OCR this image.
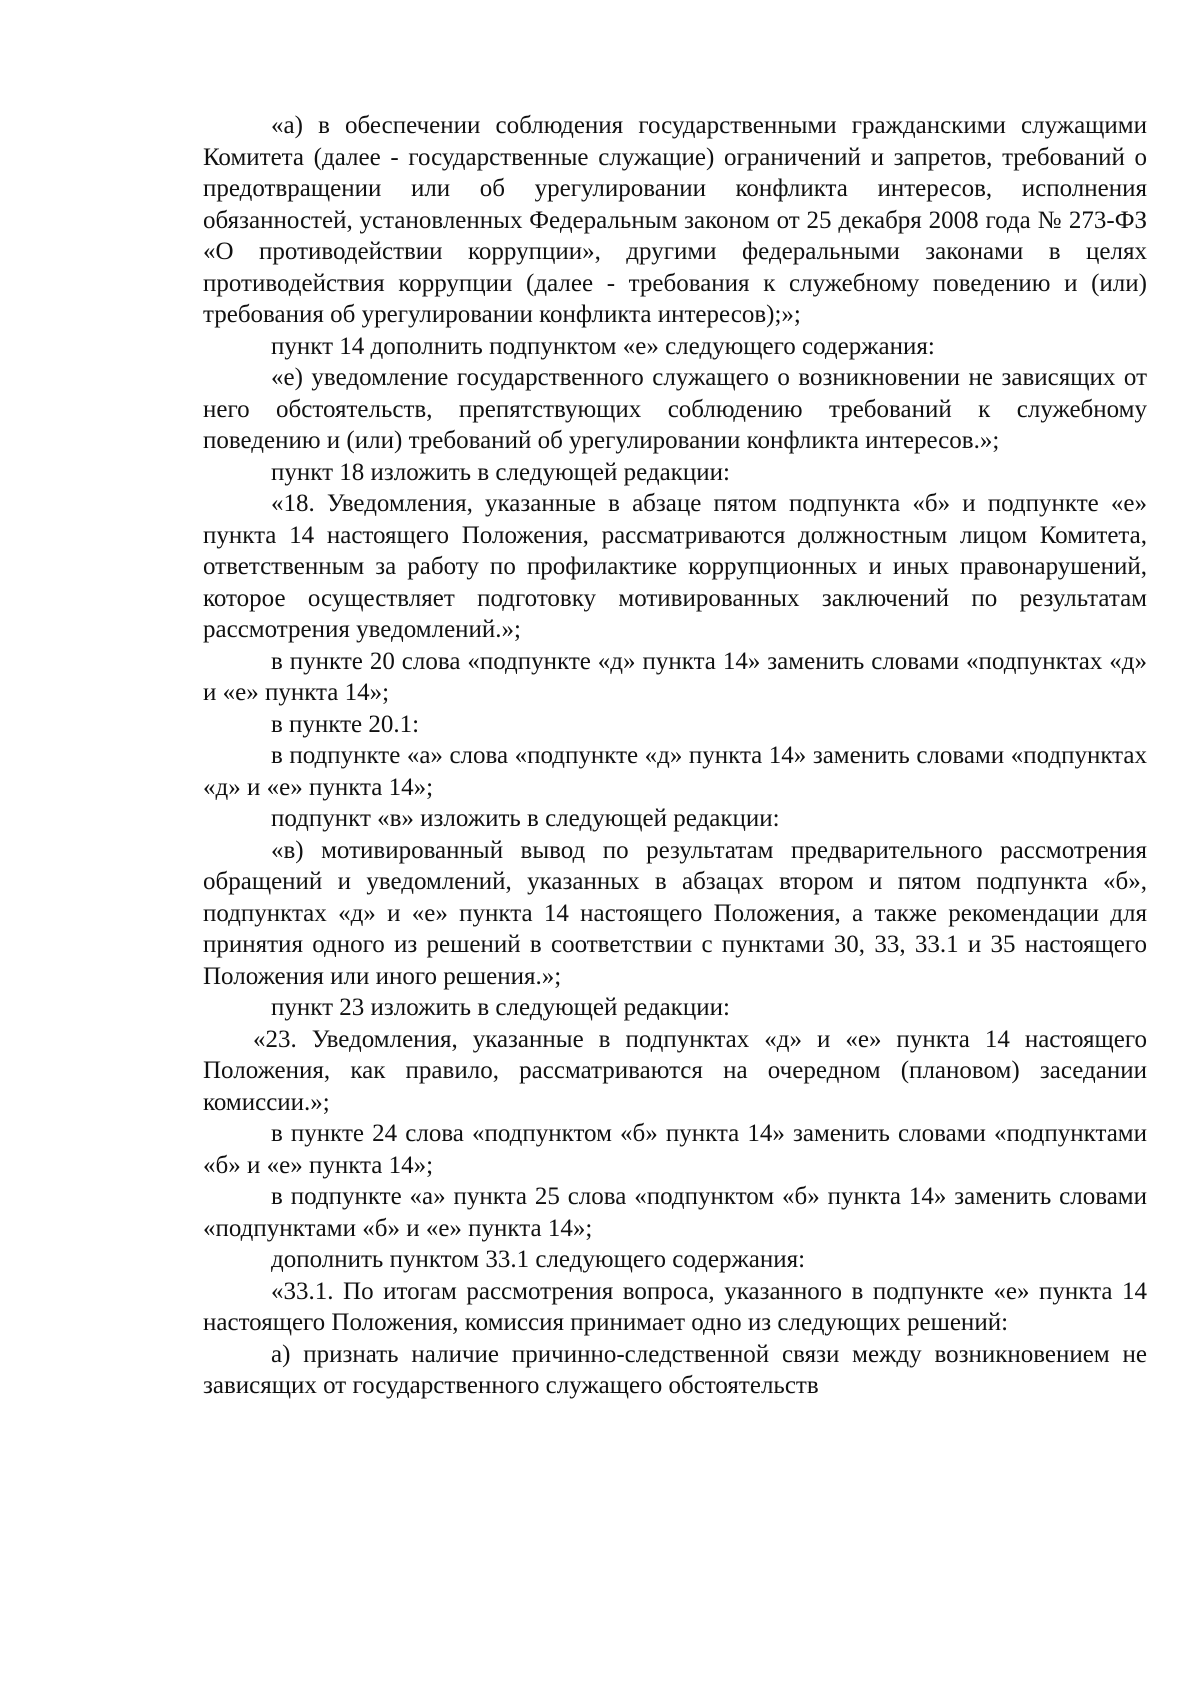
«а) в обеспечении соблюдения государственными гражданскими служащими Комитета (далее - государственные служащие) ограничений и запретов, требований о предотвращении или об урегулировании конфликта интересов, исполнения обязанностей, установленных Федеральным законом от 25 декабря 2008 года № 273-ФЗ «О противодействии коррупции», другими федеральными законами в целях противодействия коррупции (далее - требования к служебному поведению и (или) требования об урегулировании конфликта интересов);»;

пункт 14 дополнить подпунктом «е» следующего содержания:

«е) уведомление государственного служащего о возникновении не зависящих от него обстоятельств, препятствующих соблюдению требований к служебному поведению и (или) требований об урегулировании конфликта интересов.»;

пункт 18 изложить в следующей редакции:

«18. Уведомления, указанные в абзаце пятом подпункта «б» и подпункте «е» пункта 14 настоящего Положения, рассматриваются должностным лицом Комитета, ответственным за работу по профилактике коррупционных и иных правонарушений, которое осуществляет подготовку мотивированных заключений по результатам рассмотрения уведомлений.»;

в пункте 20 слова «подпункте «д» пункта 14» заменить словами «подпунктах «д» и «е» пункта 14»;

в пункте 20.1:

в подпункте «а» слова «подпункте «д» пункта 14» заменить словами «подпунктах «д» и «е» пункта 14»;

подпункт «в» изложить в следующей редакции:

«в) мотивированный вывод по результатам предварительного рассмотрения обращений и уведомлений, указанных в абзацах втором и пятом подпункта «б», подпунктах «д» и «е» пункта 14 настоящего Положения, а также рекомендации для принятия одного из решений в соответствии с пунктами 30, 33, 33.1 и 35 настоящего Положения или иного решения.»;

пункт 23 изложить в следующей редакции:

«23. Уведомления, указанные в подпунктах «д» и «е» пункта 14 настоящего Положения, как правило, рассматриваются на очередном (плановом) заседании комиссии.»;

в пункте 24 слова «подпунктом «б» пункта 14» заменить словами «подпунктами «б» и «е» пункта 14»;

в подпункте «а» пункта 25 слова «подпунктом «б» пункта 14» заменить словами «подпунктами «б» и «е» пункта 14»;

дополнить пунктом 33.1 следующего содержания:

«33.1. По итогам рассмотрения вопроса, указанного в подпункте «е» пункта 14 настоящего Положения, комиссия принимает одно из следующих решений:

а) признать наличие причинно-следственной связи между возникновением не зависящих от государственного служащего обстоятельств
